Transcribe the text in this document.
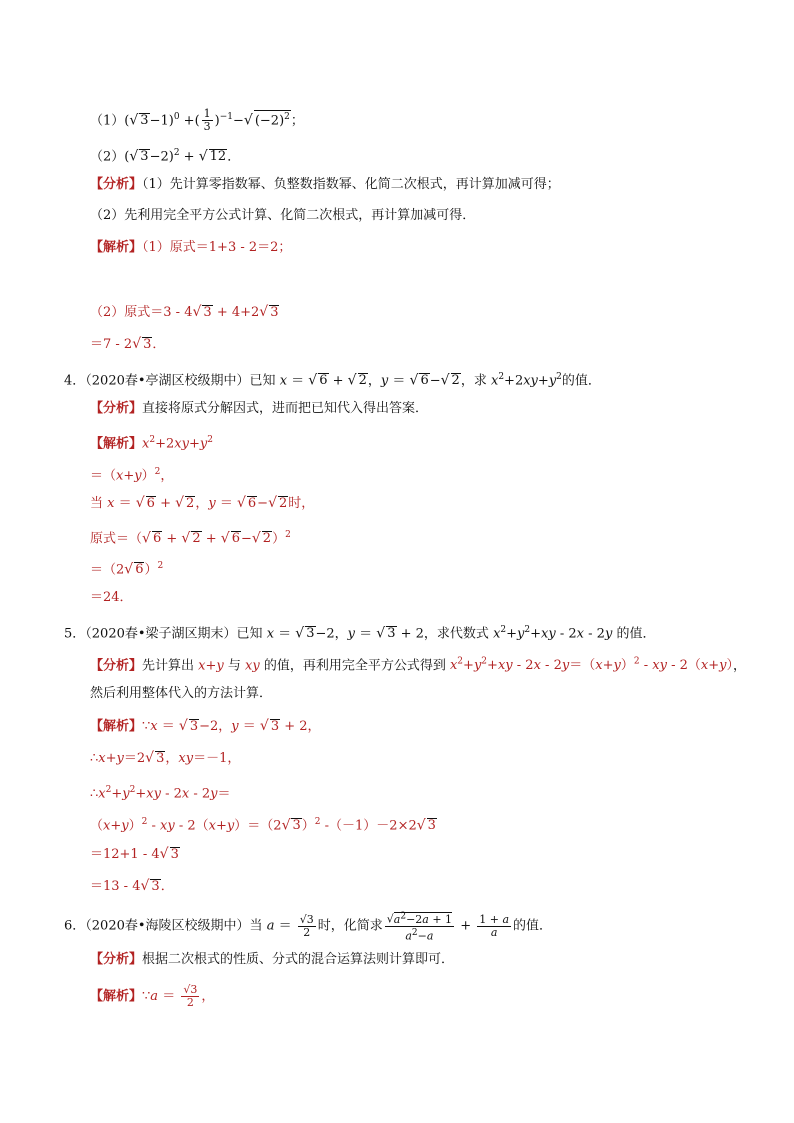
（1）(√ 3−1)$^0$ +( $\frac{1}{3} )^{-1}-√$ $(-2)^2$；
（2）(√ 3−2)$^2$ + √ 12．
【分析】（1）先计算零指数幂、负整数指数幂、化简二次根式，再计算加减可得；
（2）先利用完全平方公式计算、化简二次根式，再计算加减可得．
【解析】（1）原式＝1+3 - 2＝2；
（2）原式＝3 - 4√ 3 + 4+2√ 3
＝7 - 2√ 3．
4．（2020春•亭湖区校级期中）已知 x ＝ √ 6 + √ 2，y ＝ √ 6−√ 2，求 $x^2+2xy+y^2$的值．
【分析】直接将原式分解因式，进而把已知代入得出答案．
【解析】$x^2+2xy+y^2$
$=(x+y)^2$，
当 x ＝ √ 6 + √ 2，y ＝ √ 6−√ 2时，
原式＝（√ 6 + √ 2 + √ 6−√ 2）$^2$
＝（2√ 6）$^2$
＝24．
5．（2020春•梁子湖区期末）已知 x ＝ √ 3−2，y ＝ √ 3 + 2，求代数式 $x^2+y^2+xy - 2x - 2y$ 的值．
【分析】先计算出 x+y 与 xy 的值，再利用完全平方公式得到 $x^2+y^2+xy - 2x - 2y=(x+y)^2$ - xy - 2（x+y），
然后利用整体代入的方法计算．
【解析】∵x ＝ √ 3−2，y ＝ √ 3 + 2，
∴x+y＝2√ 3，xy＝－1，
$\therefore x^2+y^2+xy - 2x - 2y=$
$(x+y)^2$ - xy - 2（x+y）＝（2√ 3）$^2$ -（－1）－2×2√ 3
＝12+1 - 4√ 3
＝13 - 4√ 3．
6．（2020春•海陵区校级期中）当 $a = \frac{√3}{2}$ 时，化简求 $\frac{√a^2-2a + 1}{a^2-a} + \frac{1 + a}{a}$ 的值．
【分析】根据二次根式的性质、分式的混合运算法则计算即可．
【解析】∵a ＝ $\frac{√3}{2}$ ，
